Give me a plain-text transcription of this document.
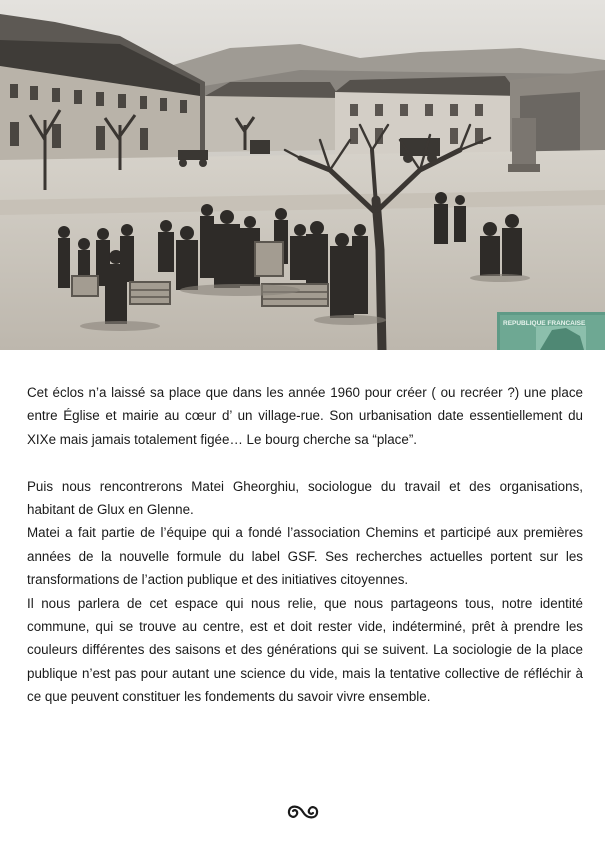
REPUBLIQUE FRANCAISE

Cet éclos n’a laissé sa place que dans les année 1960 pour créer ( ou recréer ?) une place entre Église et mairie au cœur d’ un village-rue. Son urbanisation date essentiellement du XIXe mais jamais totalement figée… Le bourg cherche sa “place”.

Puis nous rencontrerons Matei Gheorghiu, sociologue du travail et des organisations, habitant de Glux en Glenne.

Matei a fait partie de l’équipe qui a fondé l’association Chemins et participé aux premières années de la nouvelle formule du label GSF. Ses recherches actuelles portent sur les transformations de l’action publique et des initiatives citoyennes.

Il nous parlera de cet espace qui nous relie, que nous partageons tous, notre identité commune, qui se trouve au centre, est et doit rester vide, indéterminé, prêt à prendre les couleurs différentes des saisons et des générations qui se suivent. La sociologie de la place publique n’est pas pour autant une science du vide, mais la tentative collective de réfléchir à ce que peuvent constituer les fondements du savoir vivre ensemble.
